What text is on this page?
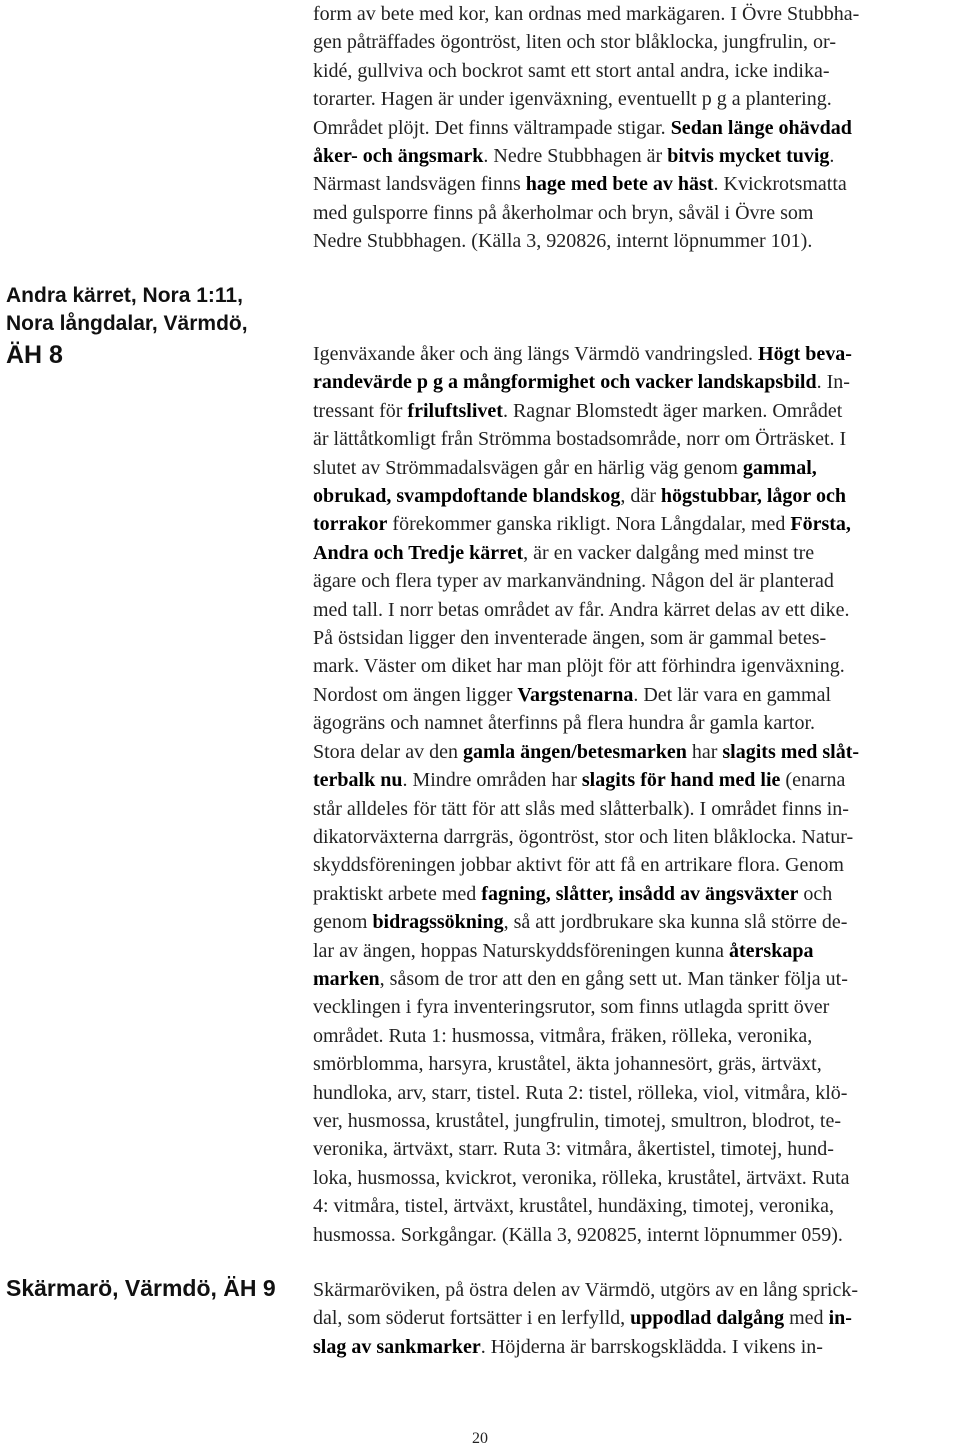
form av bete med kor, kan ordnas med markägaren. I Övre Stubbha-
gen påträffades ögontröst, liten och stor blåklocka, jungfrulin, or-
kidé, gullviva och bockrot samt ett stort antal andra, icke indika-
torarter. Hagen är under igenväxning, eventuellt p g a plantering.
Området plöjt. Det finns vältrampade stigar. Sedan länge ohävdad
åker- och ängsmark. Nedre Stubbhagen är bitvis mycket tuvig.
Närmast landsvägen finns hage med bete av häst. Kvickrotsmatta
med gulsporre finns på åkerholmar och bryn, såväl i Övre som
Nedre Stubbhagen. (Källa 3, 920826, internt löpnummer 101).
Andra kärret, Nora 1:11,
Nora långdalar, Värmdö,
ÄH 8	Igenväxande åker och äng längs Värmdö vandringsled. Högt beva-
randevärde p g a mångformighet och vacker landskapsbild. In-
tressant för friluftslivet. Ragnar Blomstedt äger marken. Området
är lättåtkomligt från Strömma bostadsområde, norr om Örträsket. I
slutet av Strömmadalsvägen går en härlig väg genom gammal,
obrukad, svampdoftande blandskog, där högstubbar, lågor och
torrakor förekommer ganska rikligt. Nora Långdalar, med Första,
Andra och Tredje kärret, är en vacker dalgång med minst tre
ägare och flera typer av markanvändning. Någon del är planterad
med tall. I norr betas området av får. Andra kärret delas av ett dike.
På östsidan ligger den inventerade ängen, som är gammal betes-
mark. Väster om diket har man plöjt för att förhindra igenväxning.
Nordost om ängen ligger Vargstenarna. Det lär vara en gammal
ägogräns och namnet återfinns på flera hundra år gamla kartor.
Stora delar av den gamla ängen/betesmarken har slagits med slåt-
terbalk nu. Mindre områden har slagits för hand med lie (enarna
står alldeles för tätt för att slås med slåtterbalk). I området finns in-
dikatorväxterna darrgräs, ögontröst, stor och liten blåklocka. Natur-
skyddsföreningen jobbar aktivt för att få en artrikare flora. Genom
praktiskt arbete med fagning, slåtter, insådd av ängsväxter och
genom bidragssökning, så att jordbrukare ska kunna slå större de-
lar av ängen, hoppas Naturskyddsföreningen kunna återskapa
marken, såsom de tror att den en gång sett ut. Man tänker följa ut-
vecklingen i fyra inventeringsrutor, som finns utlagda spritt över
området. Ruta 1: husmossa, vitmåra, fräken, rölleka, veronika,
smörblomma, harsyra, kruståtel, äkta johannesört, gräs, ärtväxt,
hundloka, arv, starr, tistel. Ruta 2: tistel, rölleka, viol, vitmåra, klö-
ver, husmossa, kruståtel, jungfrulin, timotej, smultron, blodrot, te-
veronika, ärtväxt, starr. Ruta 3: vitmåra, åkertistel, timotej, hund-
loka, husmossa, kvickrot, veronika, rölleka, kruståtel, ärtväxt. Ruta
4: vitmåra, tistel, ärtväxt, kruståtel, hundäxing, timotej, veronika,
husmossa. Sorkgångar. (Källa 3, 920825, internt löpnummer 059).
Skärmarö, Värmdö, ÄH 9 Skärmaröviken, på östra delen av Värmdö, utgörs av en lång sprick-
dal, som söderut fortsätter i en lerfylld, uppodlad dalgång med in-
slag av sankmarker. Höjderna är barrskogsklädda. I vikens in-
20
